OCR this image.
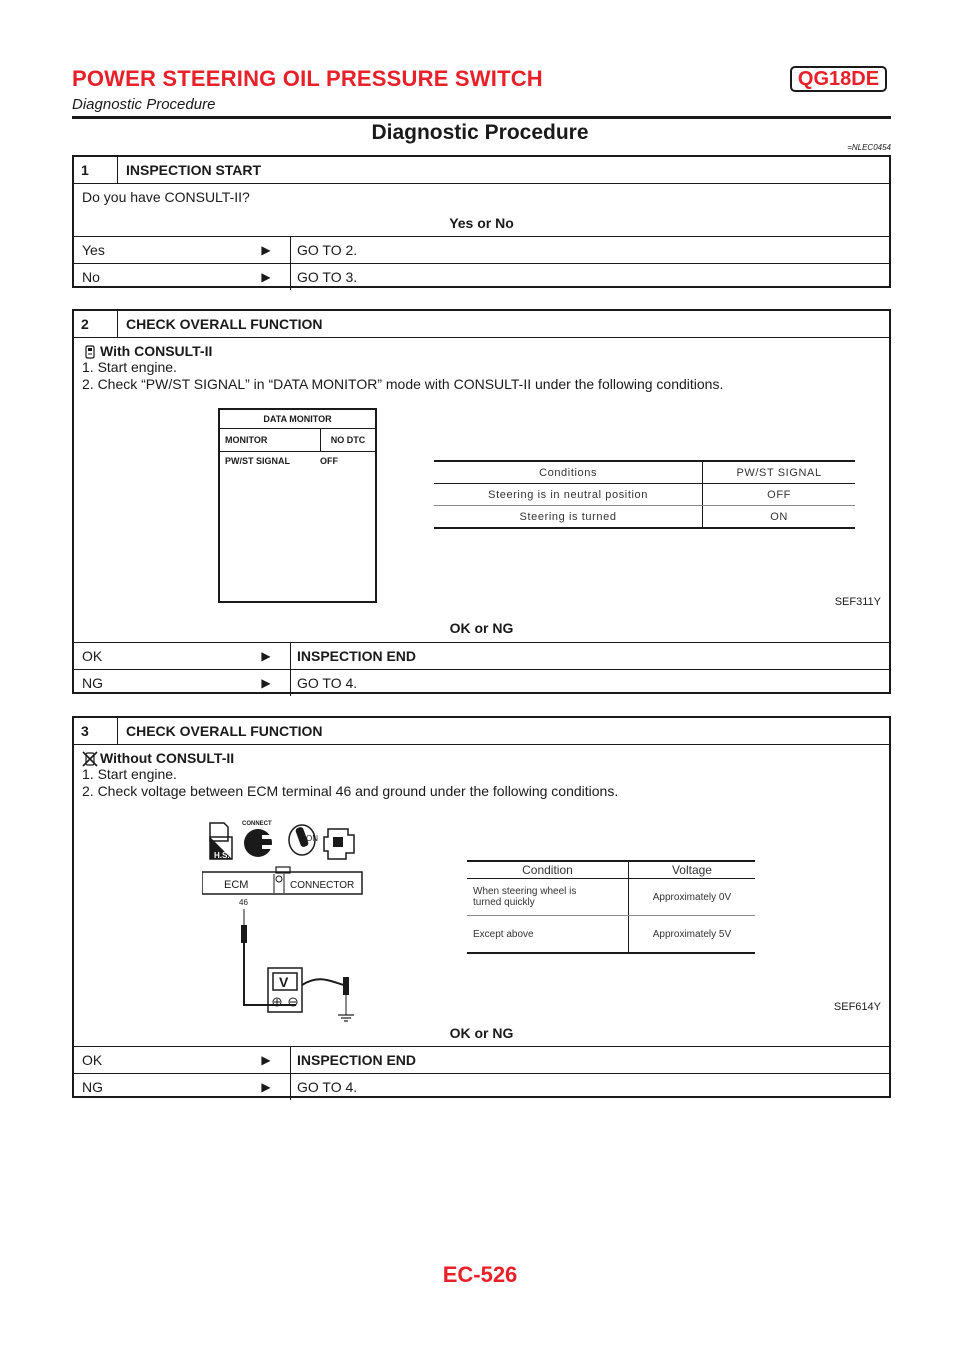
POWER STEERING OIL PRESSURE SWITCH	QG18DE
Diagnostic Procedure
Diagnostic Procedure
=NLEC0454
1	INSPECTION START
Do you have CONSULT-II?
Yes or No
Yes	▶	GO TO 2.
No	▶	GO TO 3.
2	CHECK OVERALL FUNCTION
With CONSULT-II
1. Start engine.
2. Check “PW/ST SIGNAL” in “DATA MONITOR” mode with CONSULT-II under the following conditions.
DATA MONITOR
MONITOR	NO DTC
PW/ST SIGNAL	OFF
Conditions	PW/ST SIGNAL
Steering is in neutral position	OFF
Steering is turned	ON
SEF311Y
OK or NG
OK	▶	INSPECTION END
NG	▶	GO TO 4.
3	CHECK OVERALL FUNCTION
Without CONSULT-II
1. Start engine.
2. Check voltage between ECM terminal 46 and ground under the following conditions.
H.S.
CONNECT
ON
ECM	CONNECTOR
46
V
Condition	Voltage
When steering wheel is
turned quickly	Approximately 0V
Except above	Approximately 5V
SEF614Y
OK or NG
OK	▶	INSPECTION END
NG	▶	GO TO 4.
EC-526
